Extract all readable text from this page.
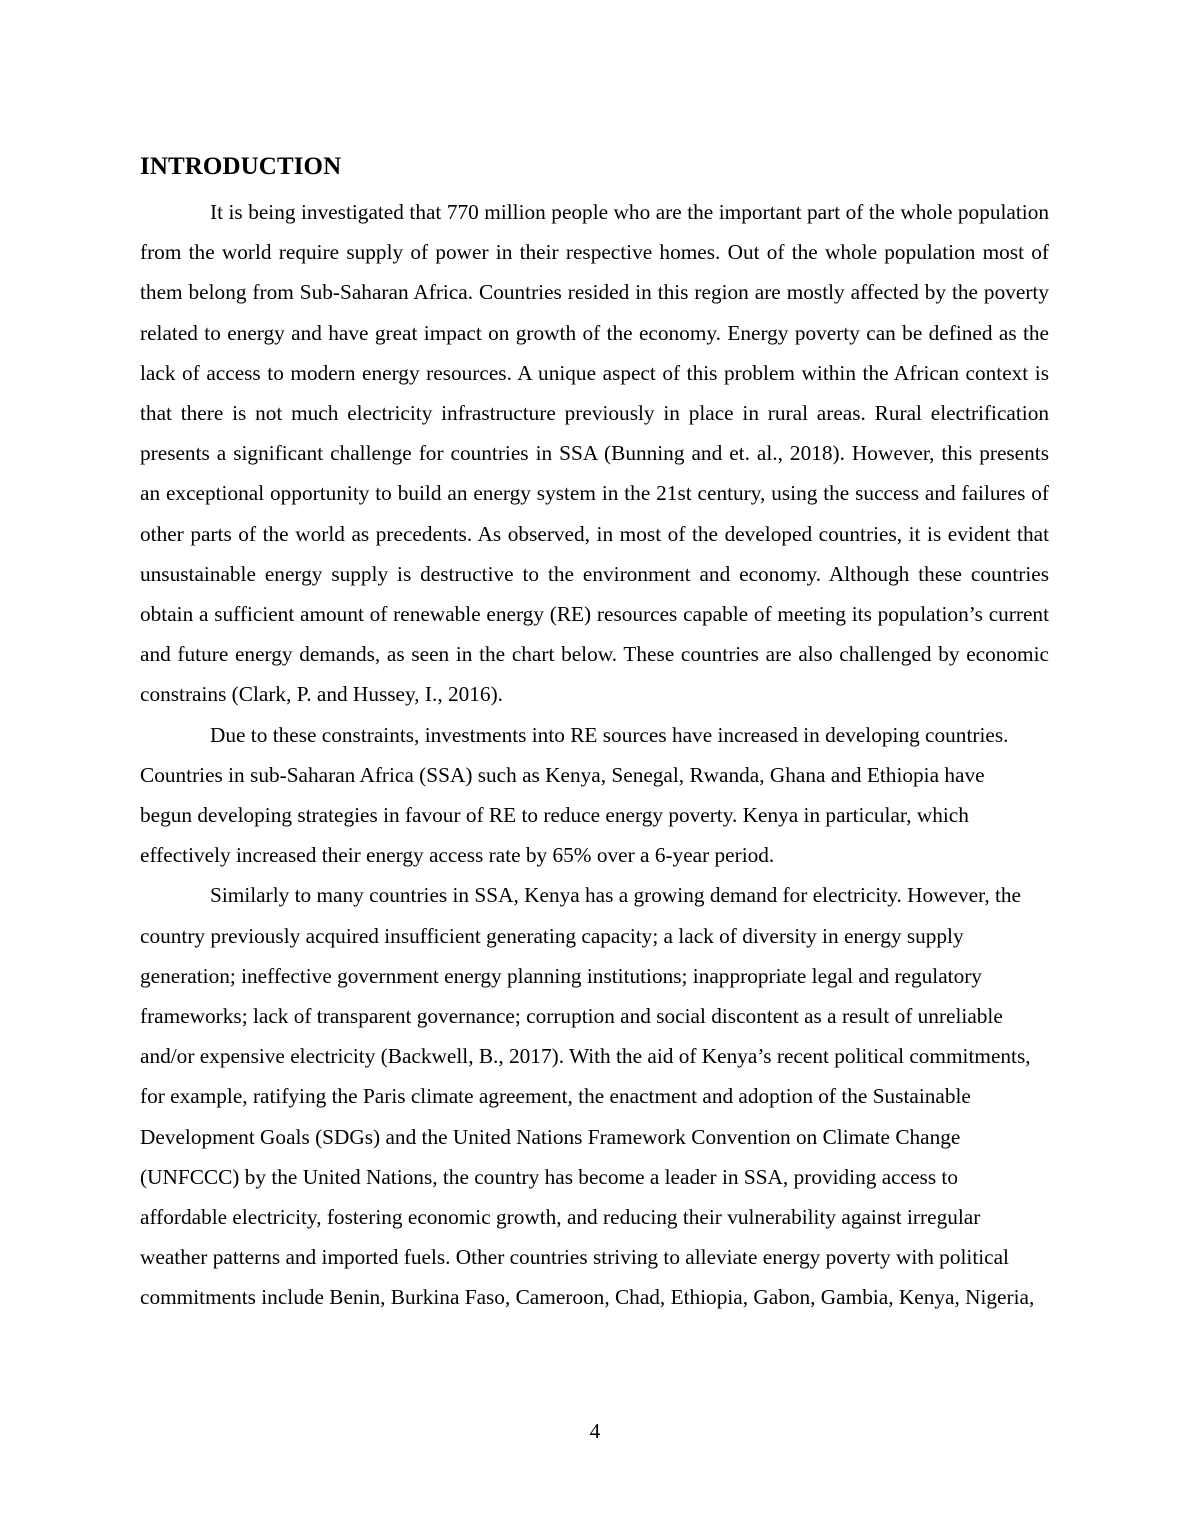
INTRODUCTION

It is being investigated that 770 million people who are the important part of the whole population from the world require supply of power in their respective homes. Out of the whole population most of them belong from Sub-Saharan Africa. Countries resided in this region are mostly affected by the poverty related to energy and have great impact on growth of the economy. Energy poverty can be defined as the lack of access to modern energy resources. A unique aspect of this problem within the African context is that there is not much electricity infrastructure previously in place in rural areas. Rural electrification presents a significant challenge for countries in SSA (Bunning and et. al., 2018). However, this presents an exceptional opportunity to build an energy system in the 21st century, using the success and failures of other parts of the world as precedents. As observed, in most of the developed countries, it is evident that unsustainable energy supply is destructive to the environment and economy. Although these countries obtain a sufficient amount of renewable energy (RE) resources capable of meeting its population’s current and future energy demands, as seen in the chart below. These countries are also challenged by economic constrains (Clark, P. and Hussey, I., 2016).

Due to these constraints, investments into RE sources have increased in developing countries. Countries in sub-Saharan Africa (SSA) such as Kenya, Senegal, Rwanda, Ghana and Ethiopia have begun developing strategies in favour of RE to reduce energy poverty. Kenya in particular, which effectively increased their energy access rate by 65% over a 6-year period.

Similarly to many countries in SSA, Kenya has a growing demand for electricity. However, the country previously acquired insufficient generating capacity; a lack of diversity in energy supply generation; ineffective government energy planning institutions; inappropriate legal and regulatory frameworks; lack of transparent governance; corruption and social discontent as a result of unreliable and/or expensive electricity (Backwell, B., 2017). With the aid of Kenya’s recent political commitments, for example, ratifying the Paris climate agreement, the enactment and adoption of the Sustainable Development Goals (SDGs) and the United Nations Framework Convention on Climate Change (UNFCCC) by the United Nations, the country has become a leader in SSA, providing access to affordable electricity, fostering economic growth, and reducing their vulnerability against irregular weather patterns and imported fuels. Other countries striving to alleviate energy poverty with political commitments include Benin, Burkina Faso, Cameroon, Chad, Ethiopia, Gabon, Gambia, Kenya, Nigeria,

4
